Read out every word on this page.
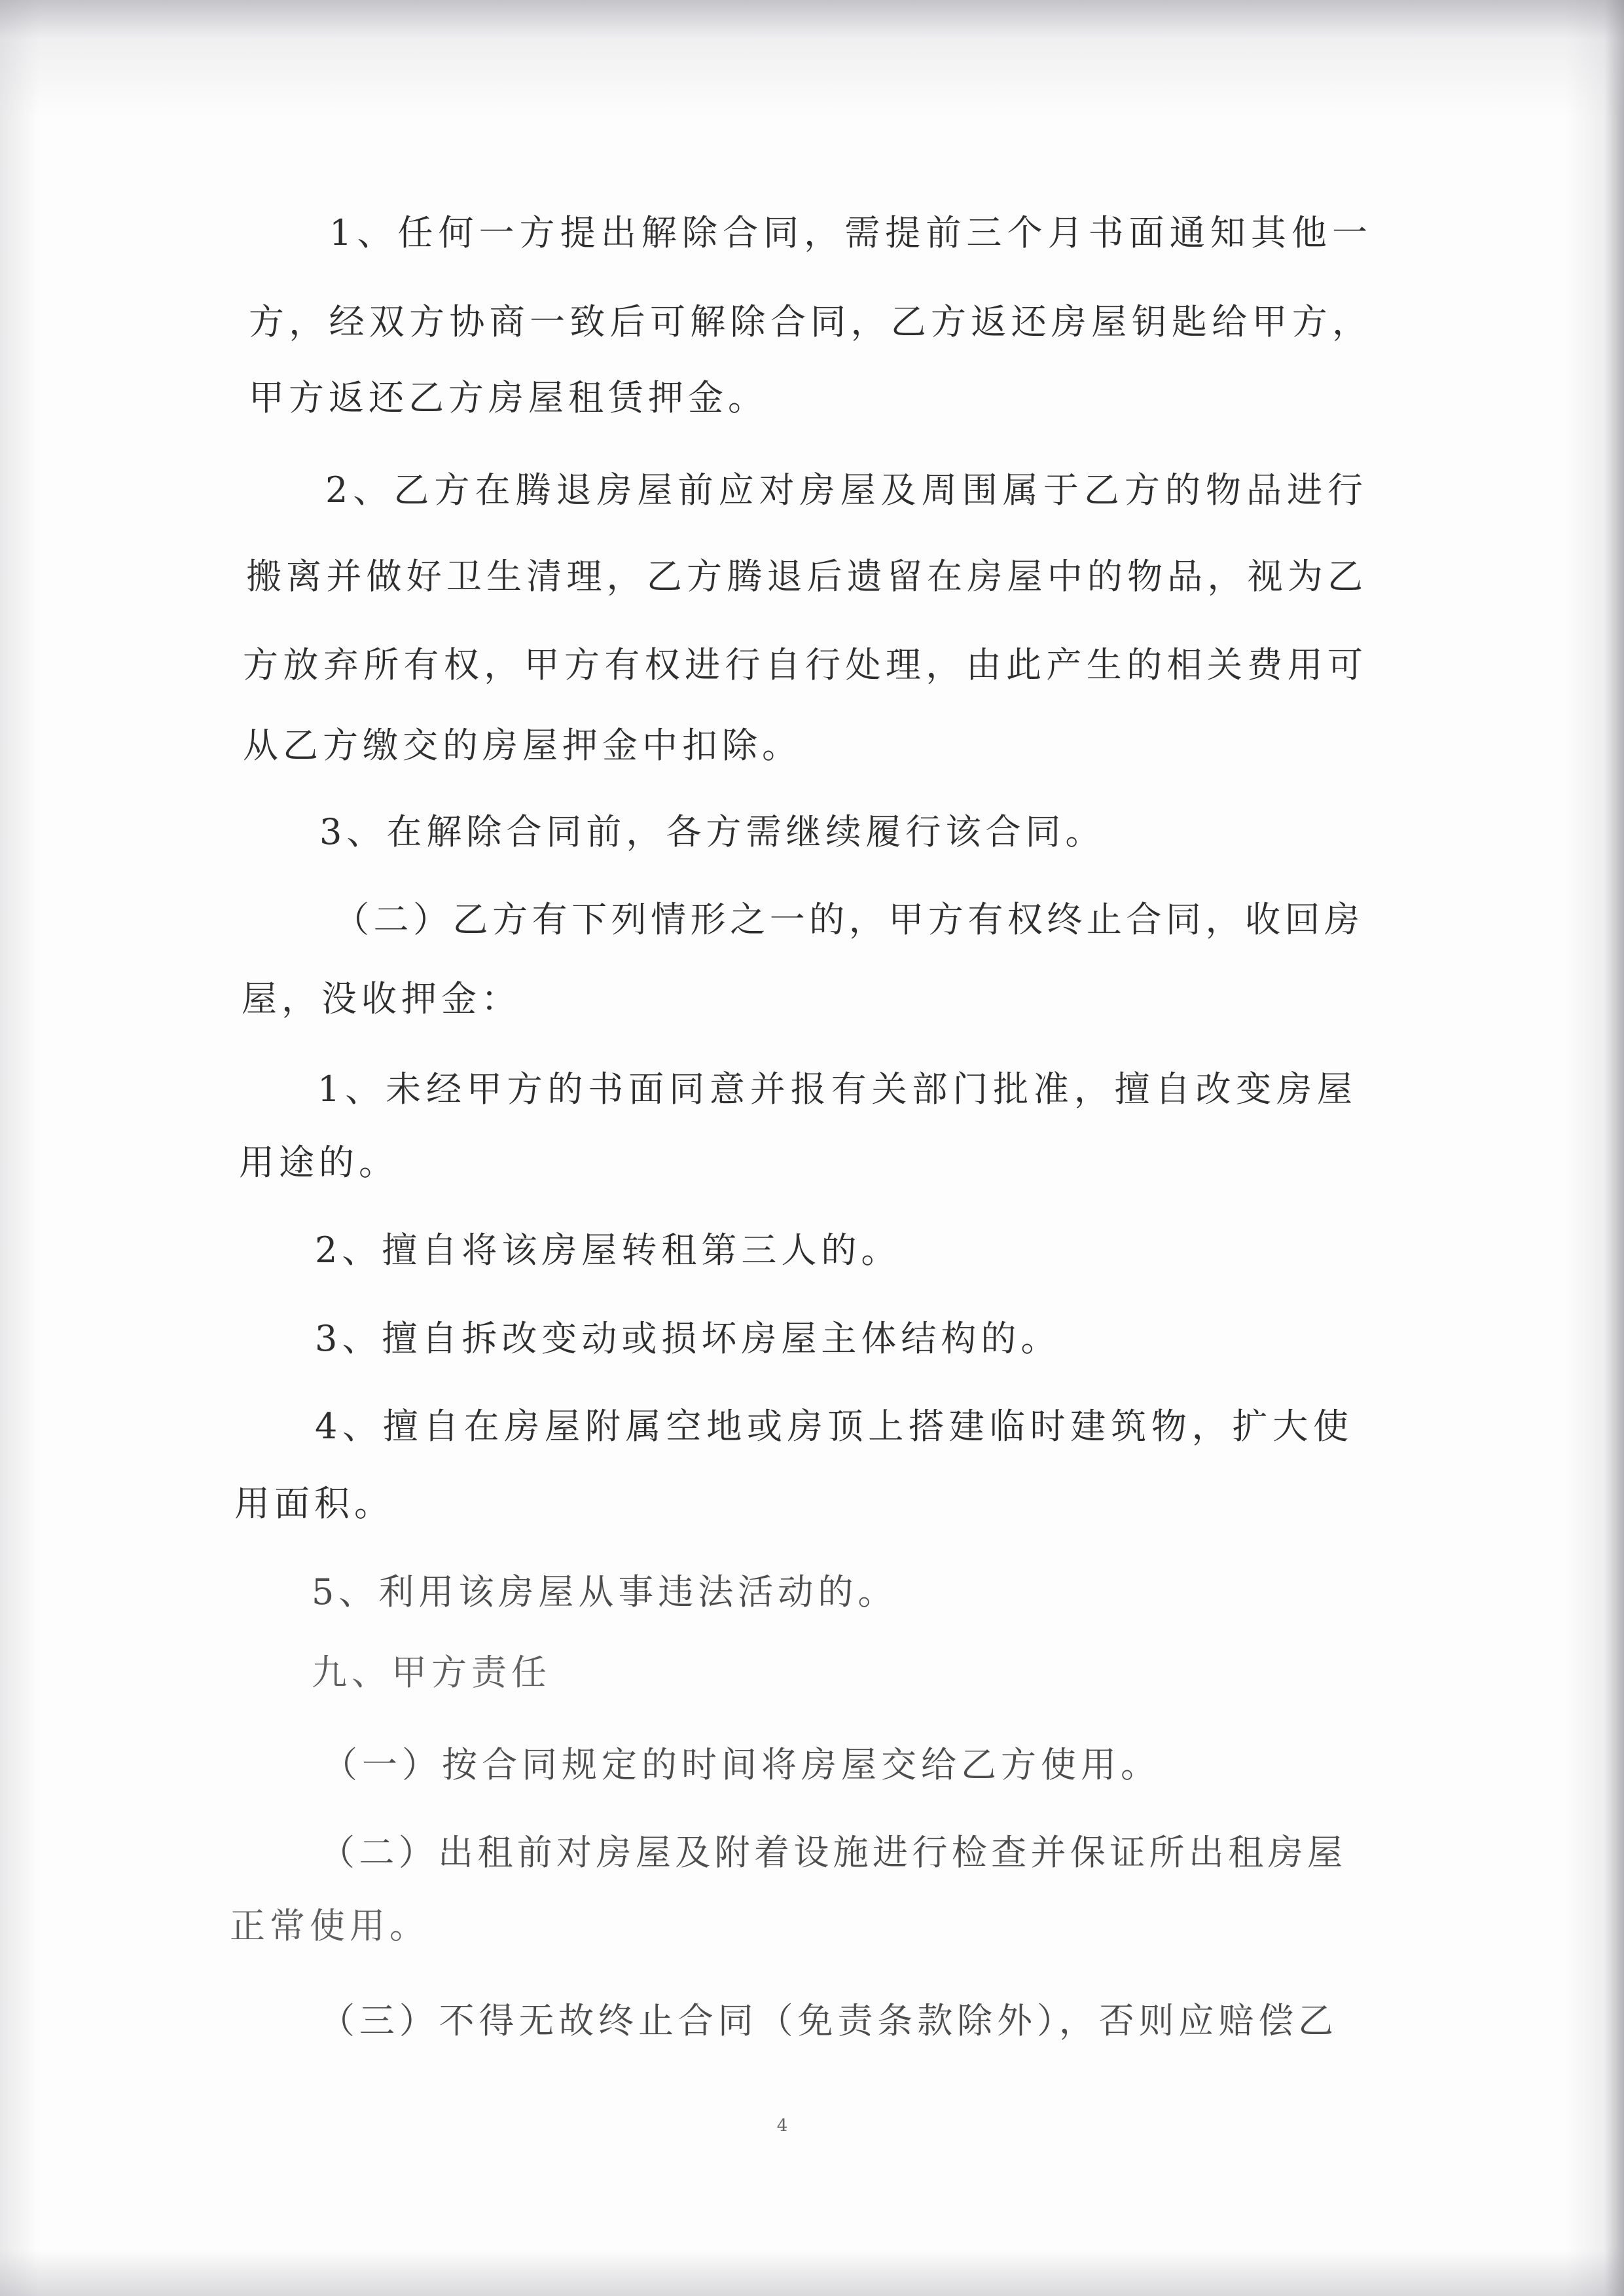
1、任何一方提出解除合同，需提前三个月书面通知其他一
方，经双方协商一致后可解除合同，乙方返还房屋钥匙给甲方，
甲方返还乙方房屋租赁押金。
2、乙方在腾退房屋前应对房屋及周围属于乙方的物品进行
搬离并做好卫生清理，乙方腾退后遗留在房屋中的物品，视为乙
方放弃所有权，甲方有权进行自行处理，由此产生的相关费用可
从乙方缴交的房屋押金中扣除。
3、在解除合同前，各方需继续履行该合同。
（二）乙方有下列情形之一的，甲方有权终止合同，收回房
屋，没收押金：
1、未经甲方的书面同意并报有关部门批准，擅自改变房屋
用途的。
2、擅自将该房屋转租第三人的。
3、擅自拆改变动或损坏房屋主体结构的。
4、擅自在房屋附属空地或房顶上搭建临时建筑物，扩大使
用面积。
5、利用该房屋从事违法活动的。
九、甲方责任
（一）按合同规定的时间将房屋交给乙方使用。
（二）出租前对房屋及附着设施进行检查并保证所出租房屋
正常使用。
（三）不得无故终止合同（免责条款除外），否则应赔偿乙
4
